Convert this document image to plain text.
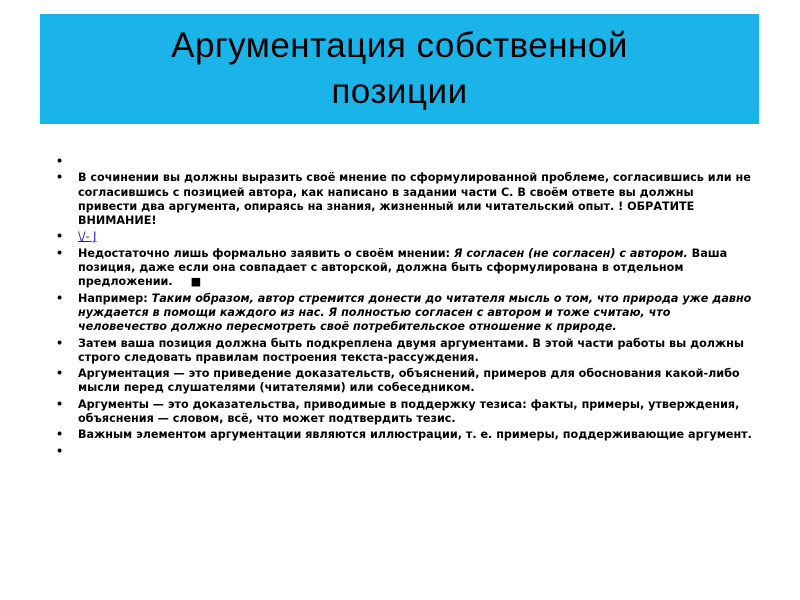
Аргументация собственной
позиции
•

• В сочинении вы должны выразить своё мнение по сформулированной проблеме, согласившись или не согласившись с позицией автора, как написано в задании части С. В своём ответе вы должны привести два аргумента, опираясь на знания, жизненный или читательский опыт. ! ОБРАТИТЕ ВНИМАНИЕ!
• \/- J
• Недостаточно лишь формально заявить о своём мнении: Я согласен (не согласен) с автором. Ваша позиция, даже если она совпадает с авторской, должна быть сформулирована в отдельном предложении. ■
• Например: Таким образом, автор стремится донести до читателя мысль о том, что природа уже давно нуждается в помощи каждого из нас. Я полностью согласен с автором и тоже считаю, что человечество должно пересмотреть своё потребительское отношение к природе.
• Затем ваша позиция должна быть подкреплена двумя аргументами. В этой части работы вы должны строго следовать правилам построения текста-рассуждения.
• Аргументация — это приведение доказательств, объяснений, примеров для обоснования какой-либо мысли перед слушателями (читателями) или собеседником.
• Аргументы — это доказательства, приводимые в поддержку тезиса: факты, примеры, утверждения, объяснения — словом, всё, что может подтвердить тезис.
• Важным элементом аргументации являются иллюстрации, т. е. примеры, поддерживающие аргумент.
•
